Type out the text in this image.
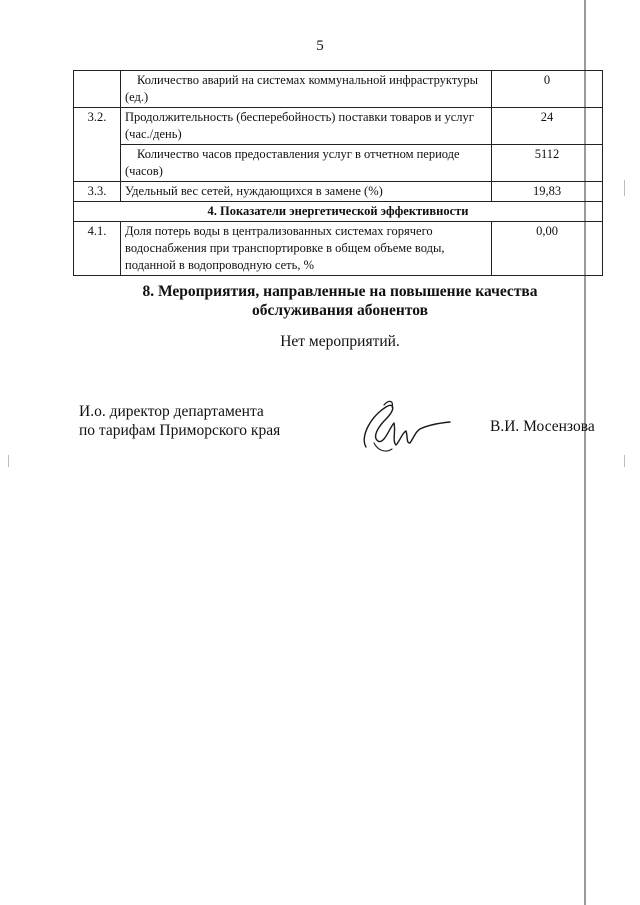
5
	Количество аварий на системах коммунальной инфраструктуры (ед.)	0
3.2.	Продолжительность (бесперебойность) поставки товаров и услуг (час./день)	24
	Количество часов предоставления услуг в отчетном периоде (часов)	5112
3.3.	Удельный вес сетей, нуждающихся в замене (%)	19,83
4. Показатели энергетической эффективности		
4.1.	Доля потерь воды в централизованных системах горячего водоснабжения при транспортировке в общем объеме воды, поданной в водопроводную сеть, %	0,00
8. Мероприятия, направленные на повышение качества
обслуживания абонентов
Нет мероприятий.
И.о. директор департамента
по тарифам Приморского края	В.И. Мосензова
